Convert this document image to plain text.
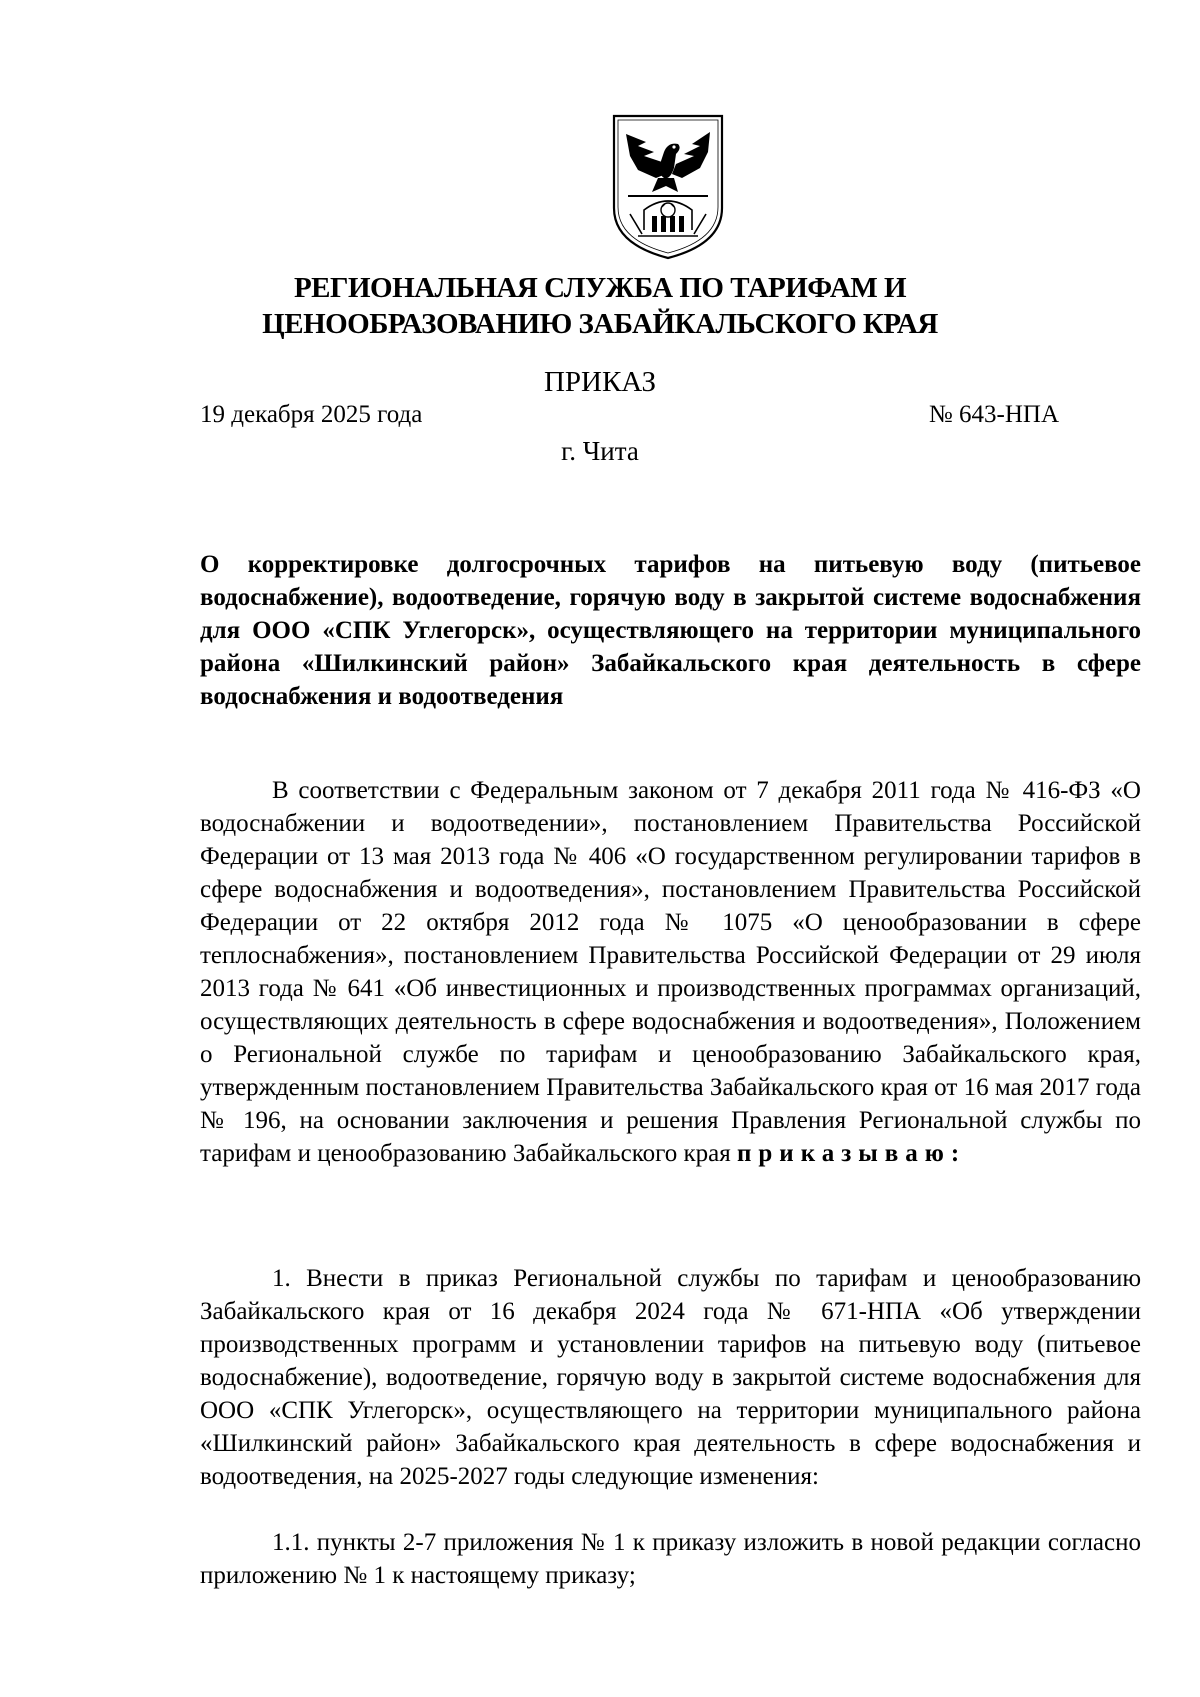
РЕГИОНАЛЬНАЯ СЛУЖБА ПО ТАРИФАМ И
ЦЕНООБРАЗОВАНИЮ ЗАБАЙКАЛЬСКОГО КРАЯ
ПРИКАЗ
19 декабря 2025 года	№ 643-НПА
г. Чита
О корректировке долгосрочных тарифов на питьевую воду (питьевое водоснабжение), водоотведение, горячую воду в закрытой системе водоснабжения для ООО «СПК Углегорск», осуществляющего на территории муниципального района «Шилкинский район» Забайкальского края деятельность в сфере водоснабжения и водоотведения
В соответствии с Федеральным законом от 7 декабря 2011 года № 416-ФЗ «О водоснабжении и водоотведении», постановлением Правительства Российской Федерации от 13 мая 2013 года № 406 «О государственном регулировании тарифов в сфере водоснабжения и водоотведения», постановлением Правительства Российской Федерации от 22 октября 2012 года № 1075 «О ценообразовании в сфере теплоснабжения», постановлением Правительства Российской Федерации от 29 июля 2013 года № 641 «Об инвестиционных и производственных программах организаций, осуществляющих деятельность в сфере водоснабжения и водоотведения», Положением о Региональной службе по тарифам и ценообразованию Забайкальского края, утвержденным постановлением Правительства Забайкальского края от 16 мая 2017 года № 196, на основании заключения и решения Правления Региональной службы по тарифам и ценообразованию Забайкальского края приказываю:
1. Внести в приказ Региональной службы по тарифам и ценообразованию Забайкальского края от 16 декабря 2024 года № 671-НПА «Об утверждении производственных программ и установлении тарифов на питьевую воду (питьевое водоснабжение), водоотведение, горячую воду в закрытой системе водоснабжения для ООО «СПК Углегорск», осуществляющего на территории муниципального района «Шилкинский район» Забайкальского края деятельность в сфере водоснабжения и водоотведения, на 2025-2027 годы следующие изменения:
1.1. пункты 2-7 приложения № 1 к приказу изложить в новой редакции согласно приложению № 1 к настоящему приказу;
